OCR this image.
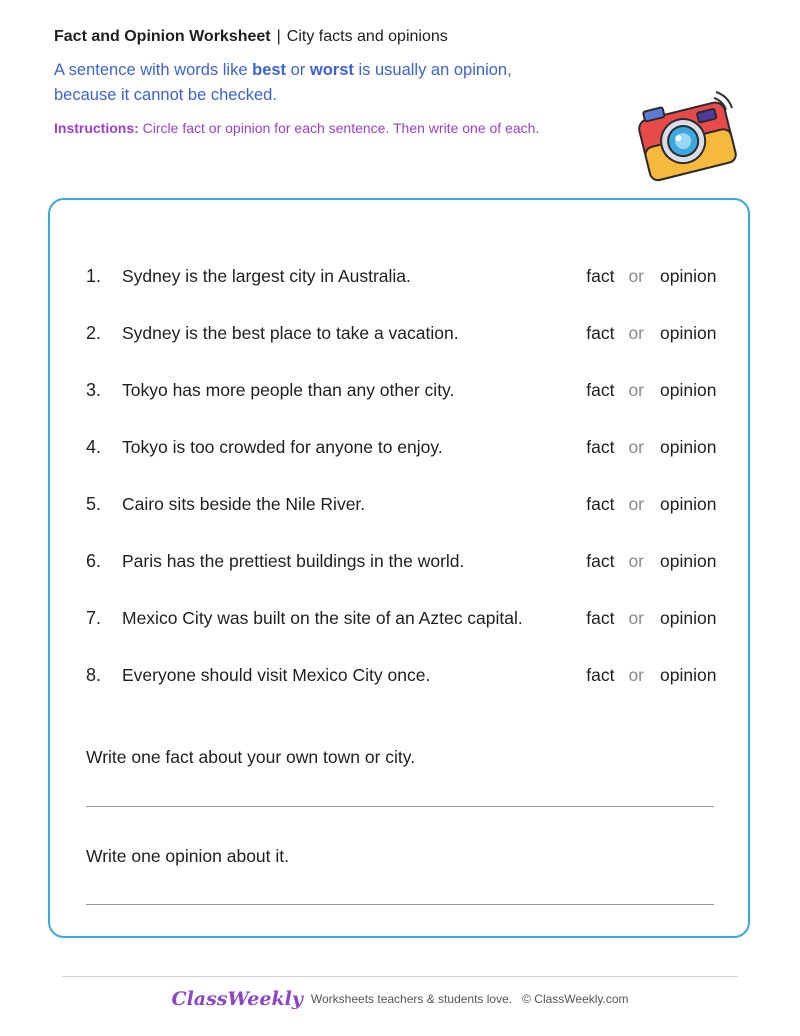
Fact and Opinion Worksheet | City facts and opinions
A sentence with words like best or worst is usually an opinion,
because it cannot be checked.
Instructions: Circle fact or opinion for each sentence. Then write one of each.
1.	Sydney is the largest city in Australia.	fact or opinion
2.	Sydney is the best place to take a vacation.	fact or opinion
3.	Tokyo has more people than any other city.	fact or opinion
4.	Tokyo is too crowded for anyone to enjoy.	fact or opinion
5.	Cairo sits beside the Nile River.	fact or opinion
6.	Paris has the prettiest buildings in the world.	fact or opinion
7.	Mexico City was built on the site of an Aztec capital.	fact or opinion
8.	Everyone should visit Mexico City once.	fact or opinion
Write one fact about your own town or city.
Write one opinion about it.
ClassWeekly Worksheets teachers & students love. © ClassWeekly.com
